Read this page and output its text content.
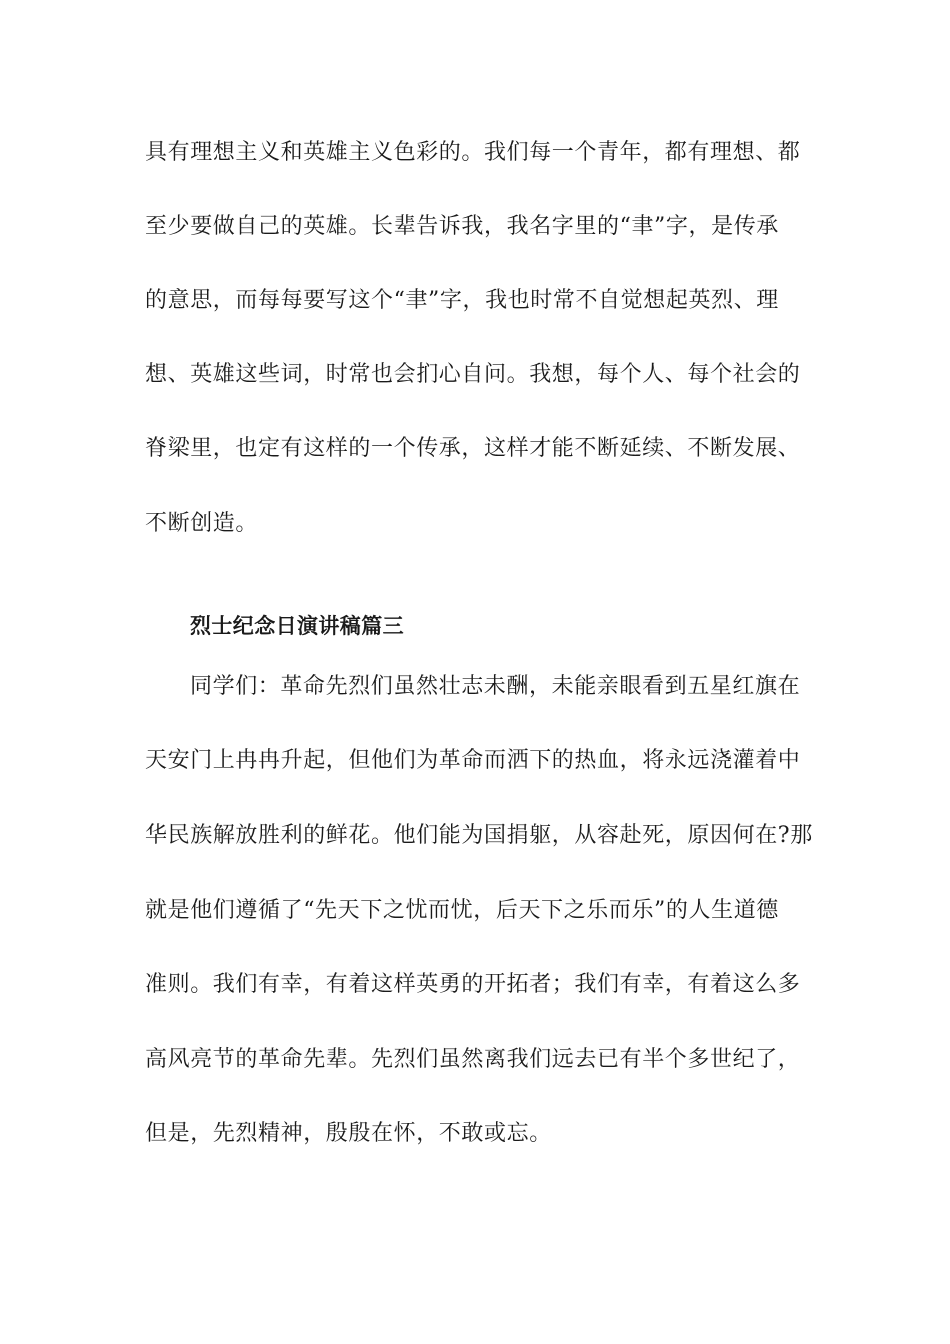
具有理想主义和英雄主义色彩的。我们每一个青年，都有理想、都
至少要做自己的英雄。长辈告诉我，我名字里的“聿”字，是传承
的意思，而每每要写这个“聿”字，我也时常不自觉想起英烈、理
想、英雄这些词，时常也会扪心自问。我想，每个人、每个社会的
脊梁里，也定有这样的一个传承，这样才能不断延续、不断发展、
不断创造。
烈士纪念日演讲稿篇三
同学们：革命先烈们虽然壮志未酬，未能亲眼看到五星红旗在
天安门上冉冉升起，但他们为革命而洒下的热血，将永远浇灌着中
华民族解放胜利的鲜花。他们能为国捐躯，从容赴死，原因何在?那
就是他们遵循了“先天下之忧而忧，后天下之乐而乐”的人生道德
准则。我们有幸，有着这样英勇的开拓者；我们有幸，有着这么多
高风亮节的革命先辈。先烈们虽然离我们远去已有半个多世纪了，
但是，先烈精神，殷殷在怀，不敢或忘。
